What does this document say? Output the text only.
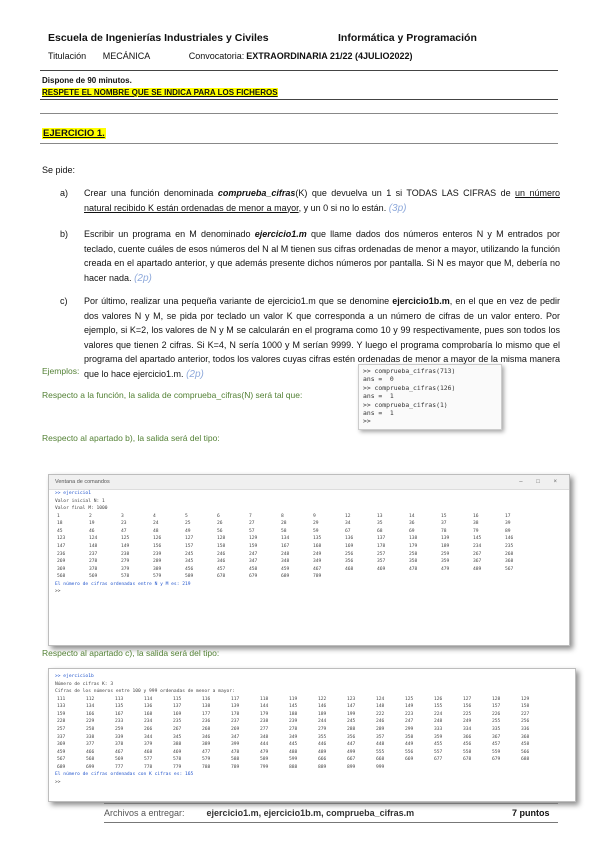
Escuela de Ingenierías Industriales y Civiles	Informática y Programación
Titulación MECÁNICA	Convocatoria: EXTRAORDINARIA 21/22 (4JULIO2022)
Dispone de 90 minutos.
RESPETE EL NOMBRE QUE SE INDICA PARA LOS FICHEROS
EJERCICIO 1.
Se pide:
a) Crear una función denominada comprueba_cifras(K) que devuelva un 1 si TODAS LAS CIFRAS de un número natural recibido K están ordenadas de menor a mayor, y un 0 si no lo están. (3p)
b) Escribir un programa en M denominado ejercicio1.m que llame dados dos números enteros N y M entrados por teclado, cuente cuáles de esos números del N al M tienen sus cifras ordenadas de menor a mayor, utilizando la función creada en el apartado anterior, y que además presente dichos números por pantalla. Si N es mayor que M, debería no hacer nada. (2p)
c) Por último, realizar una pequeña variante de ejercicio1.m que se denomine ejercicio1b.m, en el que en vez de pedir dos valores N y M, se pida por teclado un valor K que corresponda a un número de cifras de un valor entero. Por ejemplo, si K=2, los valores de N y M se calcularán en el programa como 10 y 99 respectivamente, pues son todos los valores que tienen 2 cifras. Si K=4, N sería 1000 y M serían 9999. Y luego el programa comprobaría lo mismo que el programa del apartado anterior, todos los valores cuyas cifras estén ordenadas de menor a mayor de la misma manera que lo hace ejercicio1.m. (2p)
Ejemplos:
Respecto a la función, la salida de comprueba_cifras(N) será tal que:
>> comprueba_cifras(713)
ans =  0
>> comprueba_cifras(126)
ans =  1
>> comprueba_cifras(1)
ans =  1
>>
Respecto al apartado b), la salida será del tipo:
Ventana de comandos	– □ ×
>> ejercicio1
Valor inicial N: 1
Valor final M: 1000
1	2	3	4	5	6	7	8	9	12	13	14	15	16	17
18	19	23	24	25	26	27	28	29	34	35	36	37	38	39
45	46	47	48	49	56	57	58	59	67	68	69	78	79	89
123	124	125	126	127	128	129	134	135	136	137	138	139	145	146
147	148	149	156	157	158	159	167	168	169	178	179	189	234	235
236	237	238	239	245	246	247	248	249	256	257	258	259	267	268
269	278	279	289	345	346	347	348	349	356	357	358	359	367	368
369	378	379	389	456	457	458	459	467	468	469	478	479	489	567
568	569	578	579	589	678	679	689	789
El número de cifras ordenadas entre N y M es: 219
>>
Respecto al apartado c), la salida será del tipo:
>> ejercicio1b
Número de cifras K: 3
Cifras de los números entre 100 y 999 ordenadas de menor a mayor:
111	112	113	114	115	116	117	118	119	122	123	124	125	126	127	128	129
133	134	135	136	137	138	139	144	145	146	147	148	149	155	156	157	158
159	166	167	168	169	177	178	179	188	189	199	222	223	224	225	226	227
228	229	233	234	235	236	237	238	239	244	245	246	247	248	249	255	256
257	258	259	266	267	268	269	277	278	279	288	289	299	333	334	335	336
337	338	339	344	345	346	347	348	349	355	356	357	358	359	366	367	368
369	377	378	379	388	389	399	444	445	446	447	448	449	455	456	457	458
459	466	467	468	469	477	478	479	488	489	499	555	556	557	558	559	566
567	568	569	577	578	579	588	589	599	666	667	668	669	677	678	679	688
689	699	777	778	779	788	789	799	888	889	899	999
El número de cifras ordenadas con K cifras es: 165
>>
Archivos a entregar: ejercicio1.m, ejercicio1b.m, comprueba_cifras.m	7 puntos
